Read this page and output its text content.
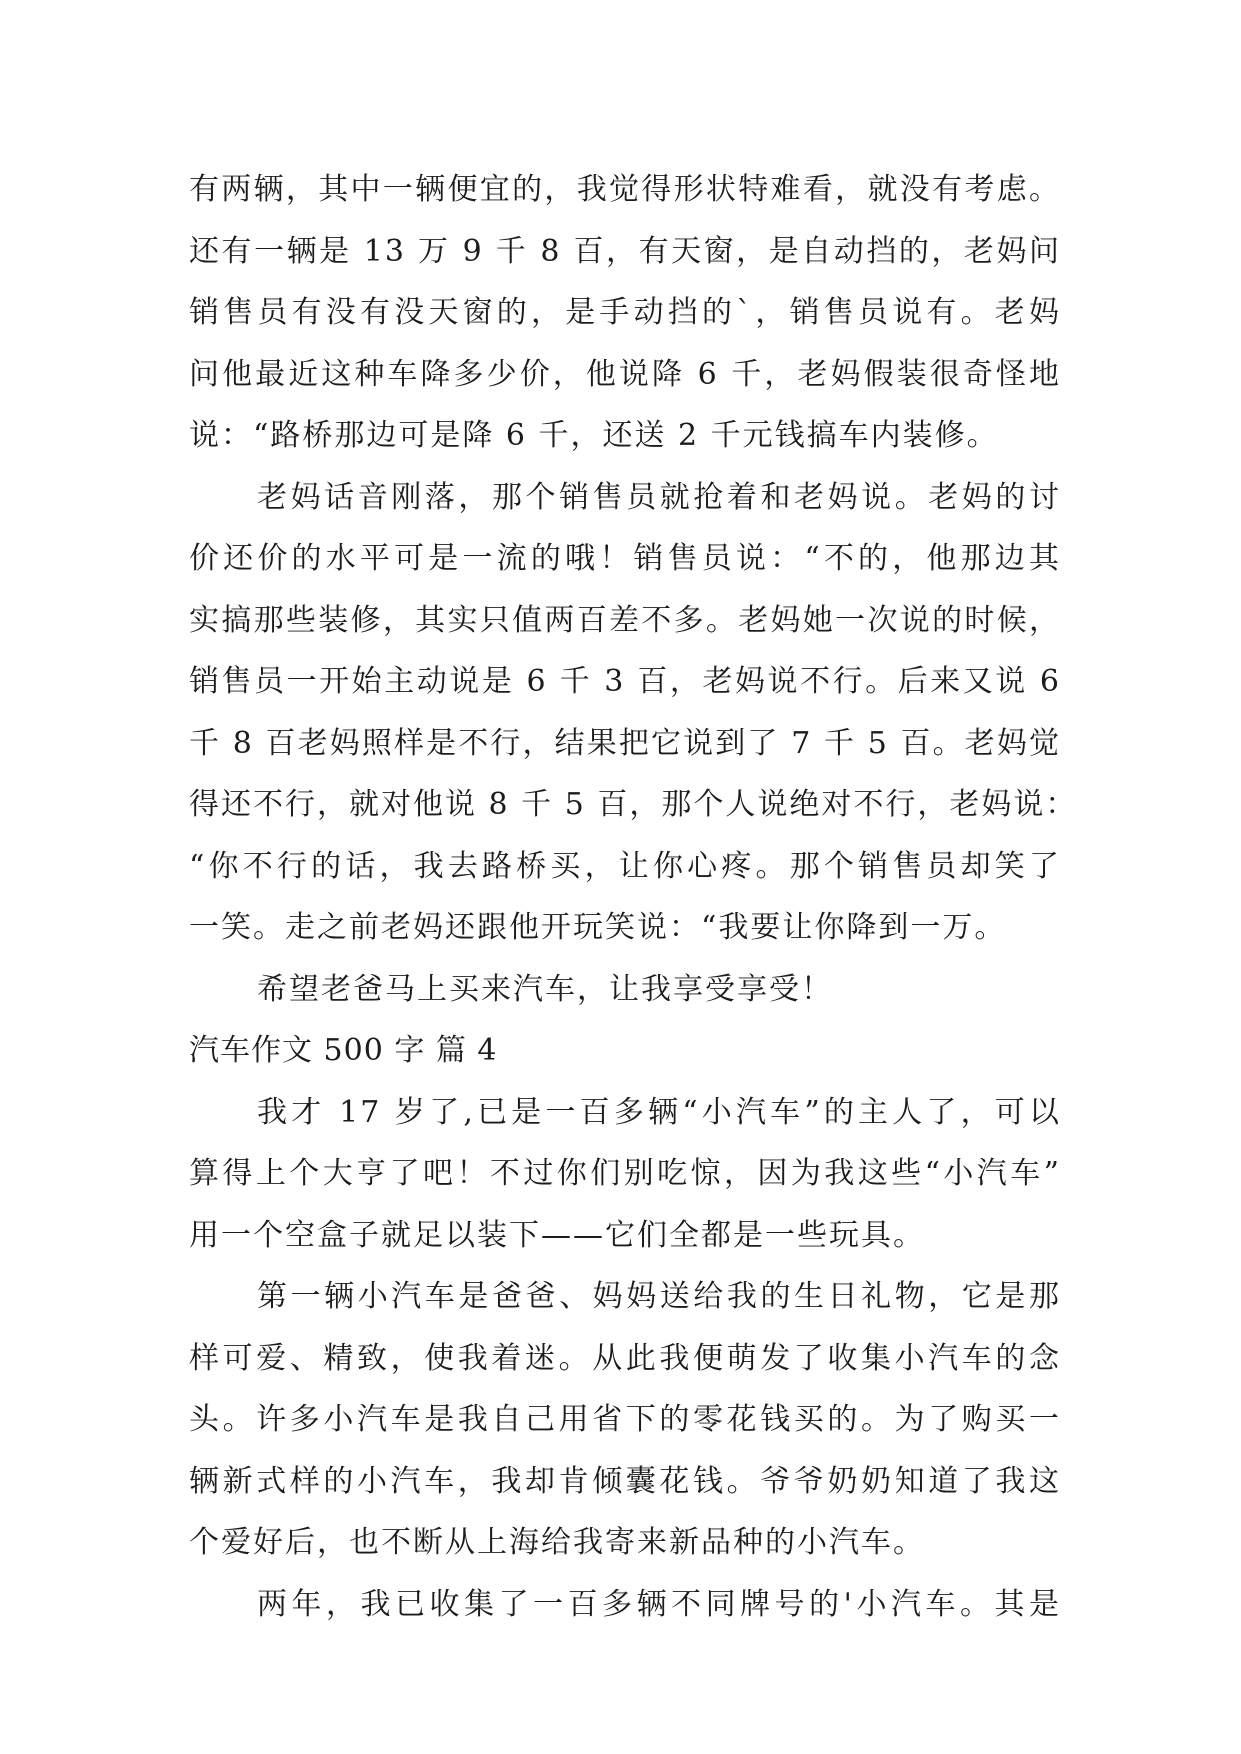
有两辆，其中一辆便宜的，我觉得形状特难看，就没有考虑。
还有一辆是 13 万 9 千 8 百，有天窗，是自动挡的，老妈问
销售员有没有没天窗的，是手动挡的`，销售员说有。老妈
问他最近这种车降多少价，他说降 6 千，老妈假装很奇怪地
说：“路桥那边可是降 6 千，还送 2 千元钱搞车内装修。
老妈话音刚落，那个销售员就抢着和老妈说。老妈的讨
价还价的水平可是一流的哦！销售员说：“不的，他那边其
实搞那些装修，其实只值两百差不多。老妈她一次说的时候，
销售员一开始主动说是 6 千 3 百，老妈说不行。后来又说 6
千 8 百老妈照样是不行，结果把它说到了 7 千 5 百。老妈觉
得还不行，就对他说 8 千 5 百，那个人说绝对不行，老妈说：
“你不行的话，我去路桥买，让你心疼。那个销售员却笑了
一笑。走之前老妈还跟他开玩笑说：“我要让你降到一万。
希望老爸马上买来汽车，让我享受享受！
汽车作文 500 字 篇 4
我才 17 岁了,已是一百多辆“小汽车”的主人了，可以
算得上个大亨了吧！不过你们别吃惊，因为我这些“小汽车”
用一个空盒子就足以装下——它们全都是一些玩具。
第一辆小汽车是爸爸、妈妈送给我的生日礼物，它是那
样可爱、精致，使我着迷。从此我便萌发了收集小汽车的念
头。许多小汽车是我自己用省下的零花钱买的。为了购买一
辆新式样的小汽车，我却肯倾囊花钱。爷爷奶奶知道了我这
个爱好后，也不断从上海给我寄来新品种的小汽车。
两年，我已收集了一百多辆不同牌号的'小汽车。其是
